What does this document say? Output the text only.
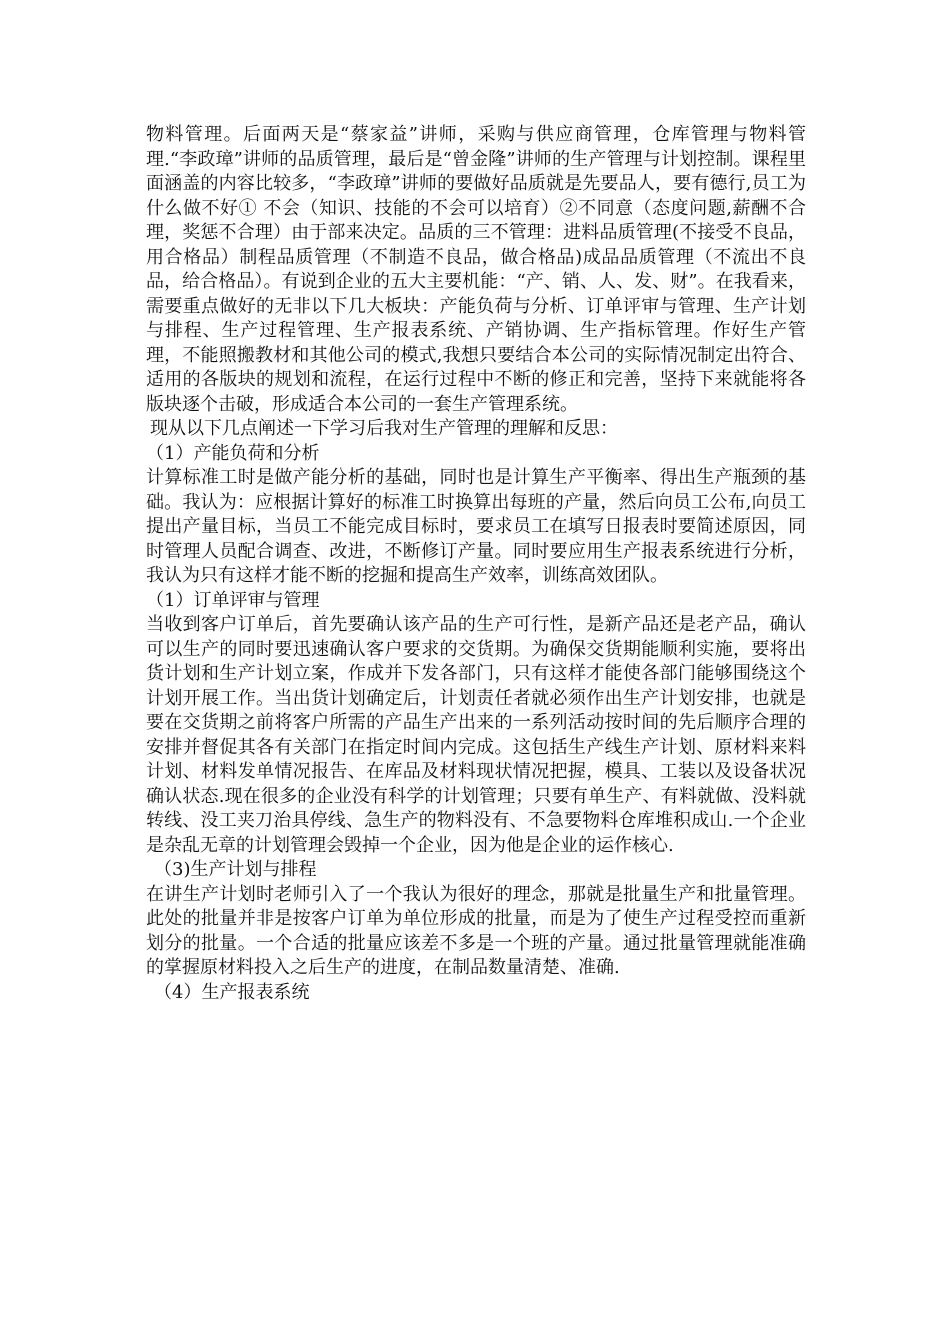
物料管理。后面两天是“蔡家益”讲师，采购与供应商管理，仓库管理与物料管理.“李政璋”讲师的品质管理，最后是“曾金隆”讲师的生产管理与计划控制。课程里面涵盖的内容比较多，“李政璋”讲师的要做好品质就是先要品人，要有德行,员工为什么做不好① 不会（知识、技能的不会可以培育）②不同意（态度问题,薪酬不合理，奖惩不合理）由于部来决定。品质的三不管理：进料品质管理(不接受不良品，用合格品）制程品质管理（不制造不良品，做合格品)成品品质管理（不流出不良品，给合格品）。有说到企业的五大主要机能：“产、销、人、发、财”。在我看来，需要重点做好的无非以下几大板块：产能负荷与分析、订单评审与管理、生产计划与排程、生产过程管理、生产报表系统、产销协调、生产指标管理。作好生产管理，不能照搬教材和其他公司的模式,我想只要结合本公司的实际情况制定出符合、适用的各版块的规划和流程，在运行过程中不断的修正和完善，坚持下来就能将各版块逐个击破，形成适合本公司的一套生产管理系统。

现从以下几点阐述一下学习后我对生产管理的理解和反思：

（1）产能负荷和分析

计算标准工时是做产能分析的基础，同时也是计算生产平衡率、得出生产瓶颈的基础。我认为：应根据计算好的标准工时换算出每班的产量，然后向员工公布,向员工提出产量目标，当员工不能完成目标时，要求员工在填写日报表时要简述原因，同时管理人员配合调查、改进，不断修订产量。同时要应用生产报表系统进行分析，我认为只有这样才能不断的挖掘和提高生产效率，训练高效团队。

（1）订单评审与管理

当收到客户订单后，首先要确认该产品的生产可行性，是新产品还是老产品，确认可以生产的同时要迅速确认客户要求的交货期。为确保交货期能顺利实施，要将出货计划和生产计划立案，作成并下发各部门，只有这样才能使各部门能够围绕这个计划开展工作。当出货计划确定后，计划责任者就必须作出生产计划安排，也就是要在交货期之前将客户所需的产品生产出来的一系列活动按时间的先后顺序合理的安排并督促其各有关部门在指定时间内完成。这包括生产线生产计划、原材料来料计划、材料发单情况报告、在库品及材料现状情况把握，模具、工装以及设备状况确认状态.现在很多的企业没有科学的计划管理；只要有单生产、有料就做、没料就转线、没工夹刀治具停线、急生产的物料没有、不急要物料仓库堆积成山.一个企业是杂乱无章的计划管理会毁掉一个企业，因为他是企业的运作核心.

（3)生产计划与排程

在讲生产计划时老师引入了一个我认为很好的理念，那就是批量生产和批量管理。此处的批量并非是按客户订单为单位形成的批量，而是为了使生产过程受控而重新划分的批量。一个合适的批量应该差不多是一个班的产量。通过批量管理就能准确的掌握原材料投入之后生产的进度，在制品数量清楚、准确.

（4）生产报表系统
